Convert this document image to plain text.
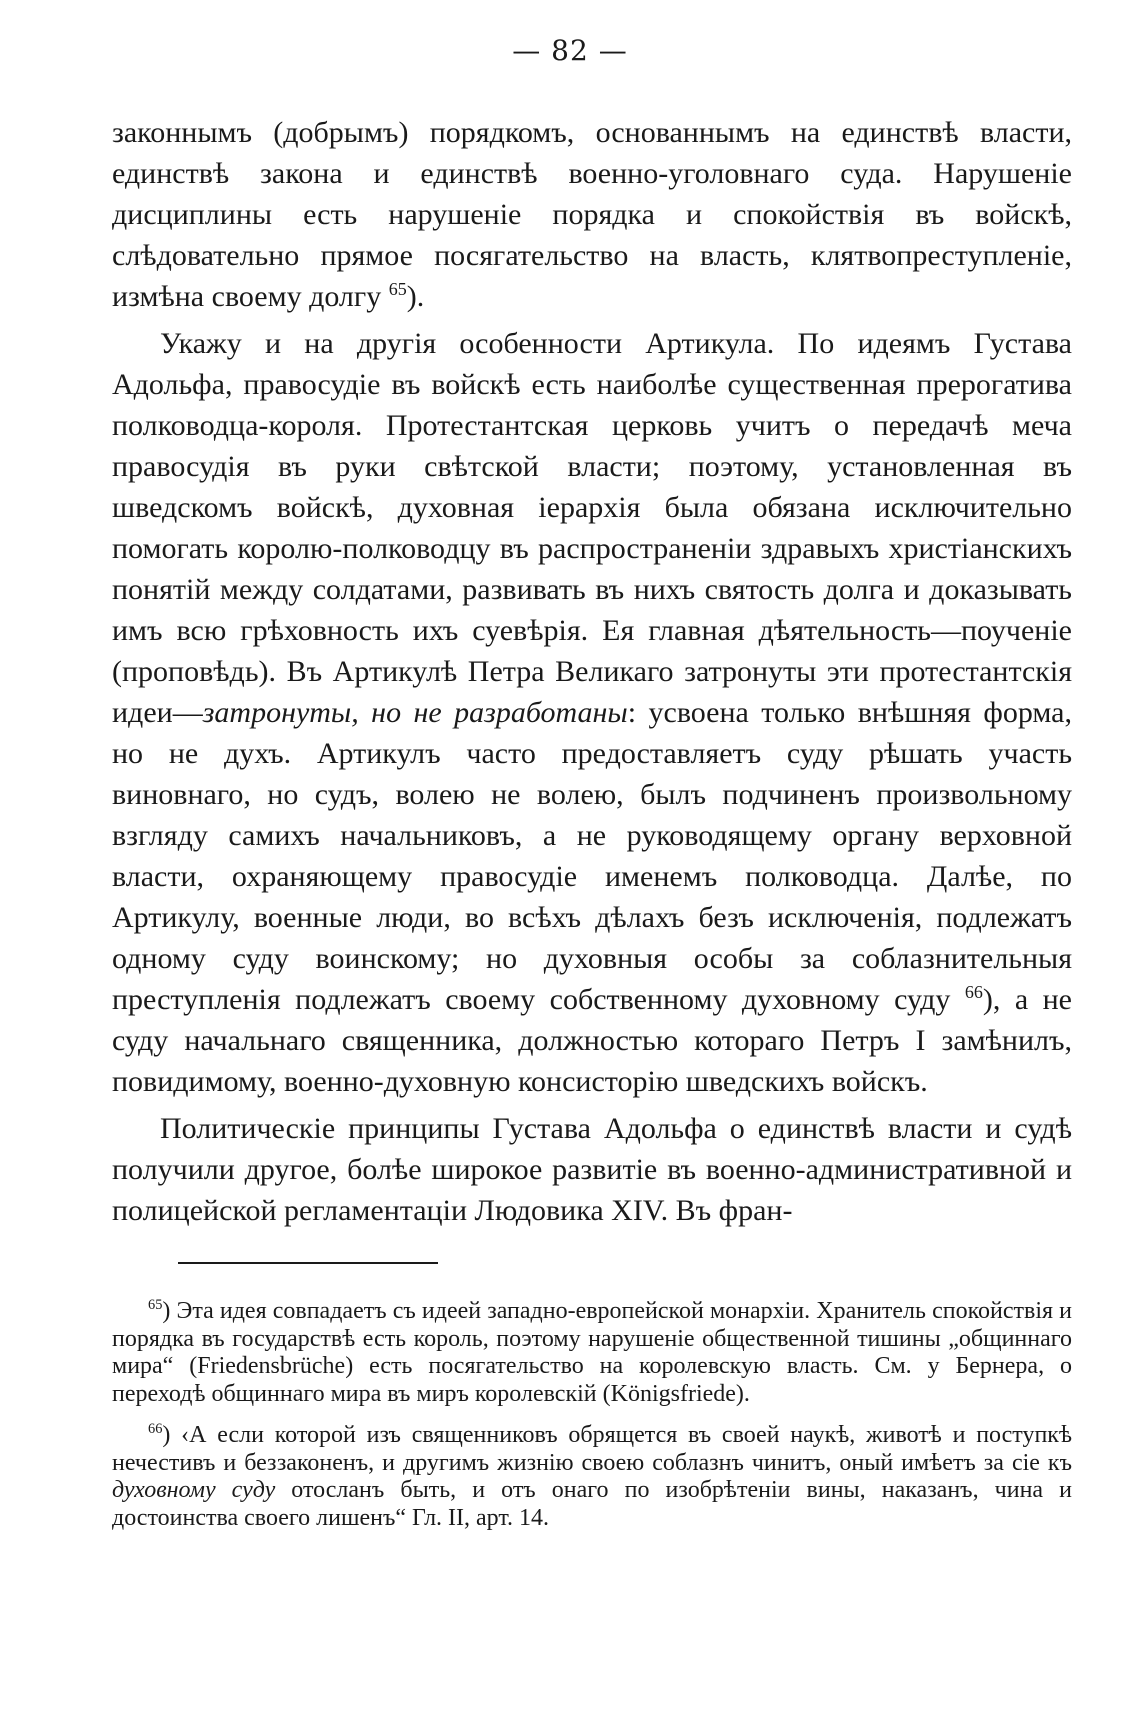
— 82 —

законнымъ (добрымъ) порядкомъ, основаннымъ на единствѣ власти, единствѣ закона и единствѣ военно-уголовнаго суда. Нарушеніе дисциплины есть нарушеніе порядка и спокойствія въ войскѣ, слѣдовательно прямое посягательство на власть, клятвопреступленіе, измѣна своему долгу $^{65}$).

Укажу и на другія особенности Артикула. По идеямъ Густава Адольфа, правосудіе въ войскѣ есть наиболѣе существенная прерогатива полководца-короля. Протестантская церковь учитъ о передачѣ меча правосудія въ руки свѣтской власти; поэтому, установленная въ шведскомъ войскѣ, духовная іерархія была обязана исключительно помогать королю-полководцу въ распространеніи здравыхъ христіанскихъ понятій между солдатами, развивать въ нихъ святость долга и доказывать имъ всю грѣховность ихъ суевѣрія. Ея главная дѣятельность—поученіе (проповѣдь). Въ Артикулѣ Петра Великаго затронуты эти протестантскія идеи—затронуты, но не разработаны: усвоена только внѣшняя форма, но не духъ. Артикулъ часто предоставляетъ суду рѣшать участь виновнаго, но судъ, волею не волею, былъ подчиненъ произвольному взгляду самихъ начальниковъ, а не руководящему органу верховной власти, охраняющему правосудіе именемъ полководца. Далѣе, по Артикулу, военные люди, во всѣхъ дѣлахъ безъ исключенія, подлежатъ одному суду воинскому; но духовныя особы за соблазнительныя преступленія подлежатъ своему собственному духовному суду $^{66}$), а не суду начальнаго священника, должностью котораго Петръ I замѣнилъ, повидимому, военно-духовную консисторію шведскихъ войскъ.

Политическіе принципы Густава Адольфа о единствѣ власти и судѣ получили другое, болѣе широкое развитіе въ военно-административной и полицейской регламентаціи Людовика XIV. Въ фран-

$^{65}$) Эта идея совпадаетъ съ идеей западно-европейской монархіи. Хранитель спокойствія и порядка въ государствѣ есть король, поэтому нарушеніе общественной тишины „общиннаго мира“ (Friedensbrüche) есть посягательство на королевскую власть. См. у Бернера, о переходѣ общиннаго мира въ миръ королевскій (Königsfriede).

$^{66}$) ‹А если которой изъ священниковъ обрящется въ своей наукѣ, животѣ и поступкѣ нечестивъ и беззаконенъ, и другимъ жизнію своею соблазнъ чинитъ, оный имѣетъ за сіе къ духовному суду отосланъ быть, и отъ онаго по изобрѣтеніи вины, наказанъ, чина и достоинства своего лишенъ“ Гл. II, арт. 14.
